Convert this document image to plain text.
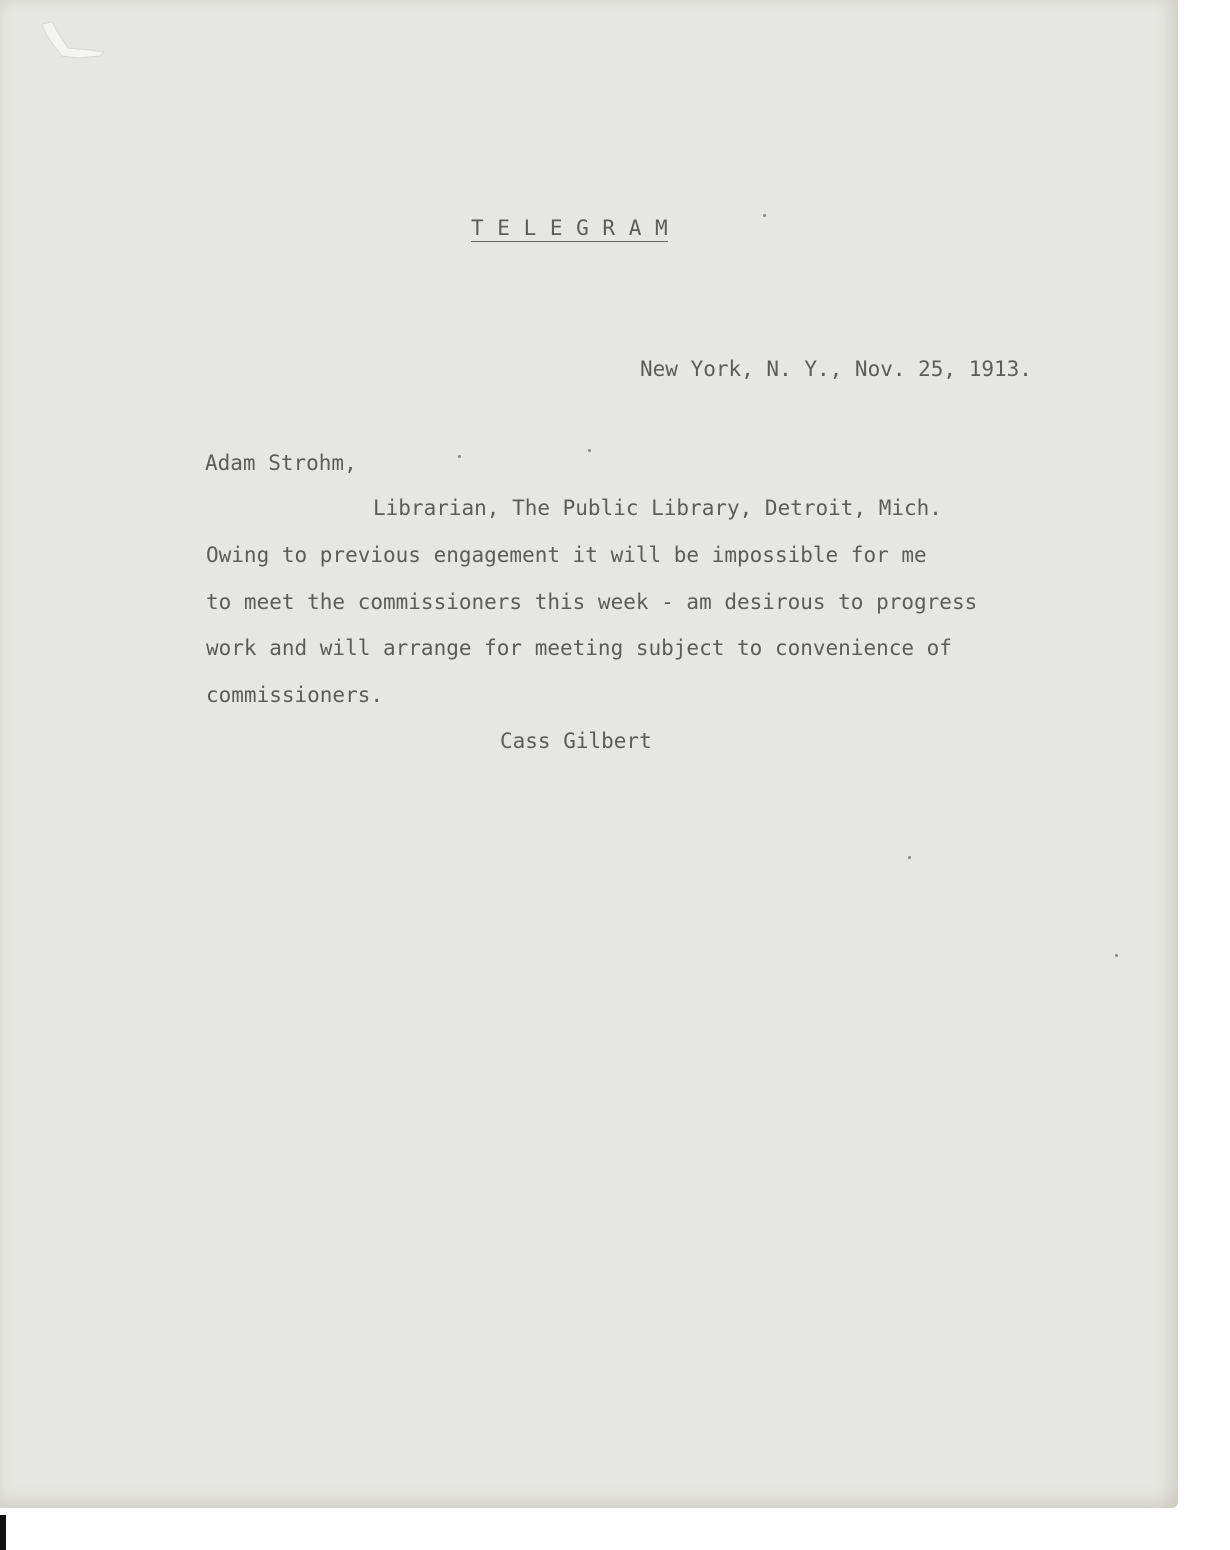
T E L E G R A M

New York, N. Y., Nov. 25, 1913.

Adam Strohm,

Librarian, The Public Library, Detroit, Mich.

Owing to previous engagement it will be impossible for me

to meet the commissioners this week - am desirous to progress

work and will arrange for meeting subject to convenience of

commissioners.

Cass Gilbert
